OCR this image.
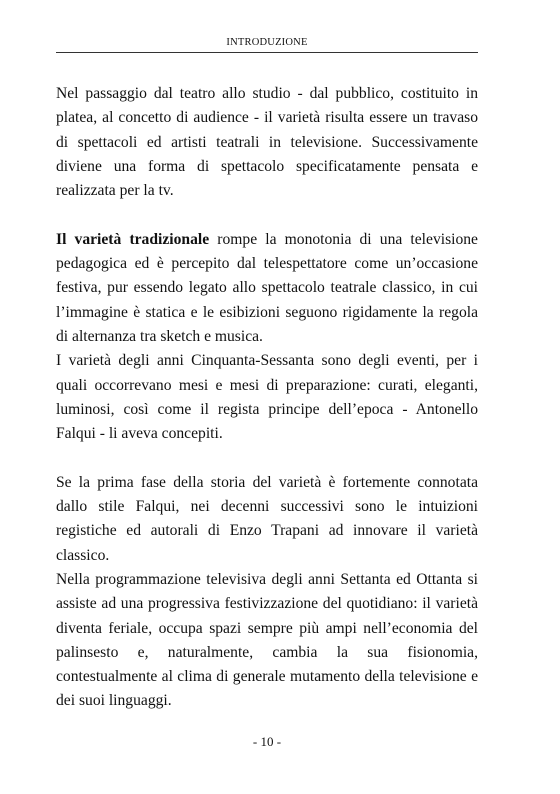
INTRODUZIONE

Nel passaggio dal teatro allo studio - dal pubblico, costituito in platea, al concetto di audience - il varietà risulta essere un travaso di spettacoli ed artisti teatrali in televisione. Successivamente diviene una forma di spettacolo specificatamente pensata e realizzata per la tv.

Il varietà tradizionale rompe la monotonia di una televisione pedagogica ed è percepito dal telespettatore come un’occasione festiva, pur essendo legato allo spettacolo teatrale classico, in cui l’immagine è statica e le esibizioni seguono rigidamente la regola di alternanza tra sketch e musica.

I varietà degli anni Cinquanta-Sessanta sono degli eventi, per i quali occorrevano mesi e mesi di preparazione: curati, eleganti, luminosi, così come il regista principe dell’epoca - Antonello Falqui - li aveva concepiti.

Se la prima fase della storia del varietà è fortemente connotata dallo stile Falqui, nei decenni successivi sono le intuizioni registiche ed autorali di Enzo Trapani ad innovare il varietà classico.

Nella programmazione televisiva degli anni Settanta ed Ottanta si assiste ad una progressiva festivizzazione del quotidiano: il varietà diventa feriale, occupa spazi sempre più ampi nell’economia del palinsesto e, naturalmente, cambia la sua fisionomia, contestualmente al clima di generale mutamento della televisione e dei suoi linguaggi.

- 10 -
